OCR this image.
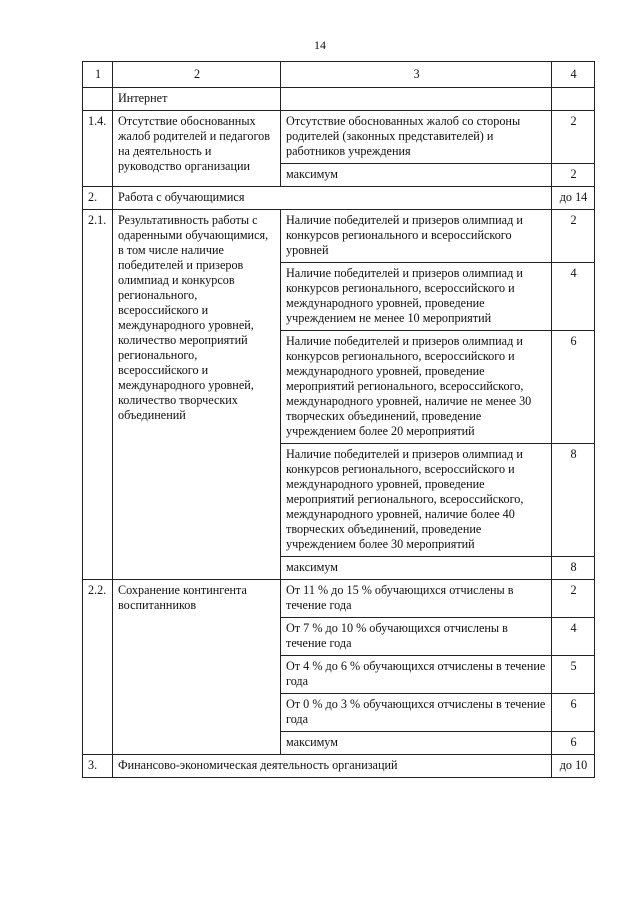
14
1	2	3	4
	Интернет		
1.4.	Отсутствие обоснованных жалоб родителей и педагогов на деятельность и руководство организации	Отсутствие обоснованных жалоб со стороны родителей (законных представителей) и работников учреждения	2
		максимум	2
2.	Работа с обучающимися		до 14
2.1.	Результативность работы с одаренными обучающимися, в том числе наличие победителей и призеров олимпиад и конкурсов регионального, всероссийского и международного уровней, количество мероприятий регионального, всероссийского и международного уровней, количество творческих объединений	Наличие победителей и призеров олимпиад и конкурсов регионального и всероссийского уровней	2
		Наличие победителей и призеров олимпиад и конкурсов регионального, всероссийского и международного уровней, проведение учреждением не менее 10 мероприятий	4
		Наличие победителей и призеров олимпиад и конкурсов регионального, всероссийского и международного уровней, проведение мероприятий регионального, всероссийского, международного уровней, наличие не менее 30 творческих объединений, проведение учреждением более 20 мероприятий	6
		Наличие победителей и призеров олимпиад и конкурсов регионального, всероссийского и международного уровней, проведение мероприятий регионального, всероссийского, международного уровней, наличие более 40 творческих объединений, проведение учреждением более 30 мероприятий	8
		максимум	8
2.2.	Сохранение контингента воспитанников	От 11 % до 15 % обучающихся отчислены в течение года	2
		От 7 % до 10 % обучающихся отчислены в течение года	4
		От 4 % до 6 % обучающихся отчислены в течение года	5
		От 0 % до 3 % обучающихся отчислены в течение года	6
		максимум	6
3.	Финансово-экономическая деятельность организаций		до 10
